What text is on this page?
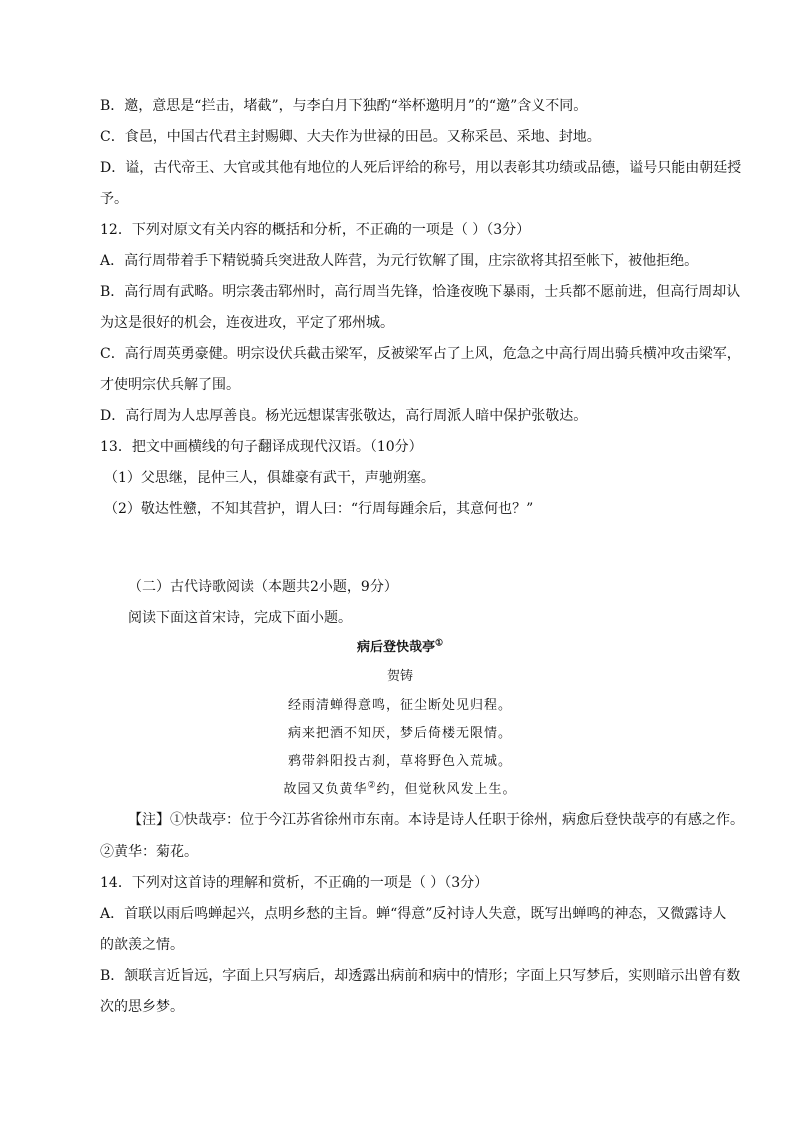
B．邀，意思是“拦击，堵截”，与李白月下独酌“举杯邀明月”的“邀”含义不同。
C．食邑，中国古代君主封赐卿、大夫作为世禄的田邑。又称采邑、采地、封地。
D．谥，古代帝王、大官或其他有地位的人死后评给的称号，用以表彰其功绩或品德，谥号只能由朝廷授
予。
12．下列对原文有关内容的概括和分析，不正确的一项是（ ）（3分）
A．高行周带着手下精锐骑兵突进敌人阵营，为元行钦解了围，庄宗欲将其招至帐下，被他拒绝。
B．高行周有武略。明宗袭击郓州时，高行周当先锋，恰逢夜晚下暴雨，士兵都不愿前进，但高行周却认
为这是很好的机会，连夜进攻，平定了邪州城。
C．高行周英勇豪健。明宗设伏兵截击梁军，反被梁军占了上风，危急之中高行周出骑兵横冲攻击梁军，
才使明宗伏兵解了围。
D．高行周为人忠厚善良。杨光远想谋害张敬达，高行周派人暗中保护张敬达。
13．把文中画横线的句子翻译成现代汉语。（10分）
（1）父思继，昆仲三人，俱雄豪有武干，声驰朔塞。
（2）敬达性戆，不知其营护，谓人曰：“行周每踵余后，其意何也？”
（二）古代诗歌阅读（本题共2小题，9分）
阅读下面这首宋诗，完成下面小题。
病后登快哉亭①
贺铸
经雨清蝉得意鸣，征尘断处见归程。
病来把酒不知厌，梦后倚楼无限情。
鸦带斜阳投古刹，草将野色入荒城。
故园又负黄华②约，但觉秋风发上生。
【注】①快哉亭：位于今江苏省徐州市东南。本诗是诗人任职于徐州，病愈后登快哉亭的有感之作。
②黄华：菊花。
14．下列对这首诗的理解和赏析，不正确的一项是（ ）（3分）
A．首联以雨后鸣蝉起兴，点明乡愁的主旨。蝉“得意”反衬诗人失意，既写出蝉鸣的神态，又微露诗人
的歆羡之情。
B．颔联言近旨远，字面上只写病后，却透露出病前和病中的情形；字面上只写梦后，实则暗示出曾有数
次的思乡梦。
